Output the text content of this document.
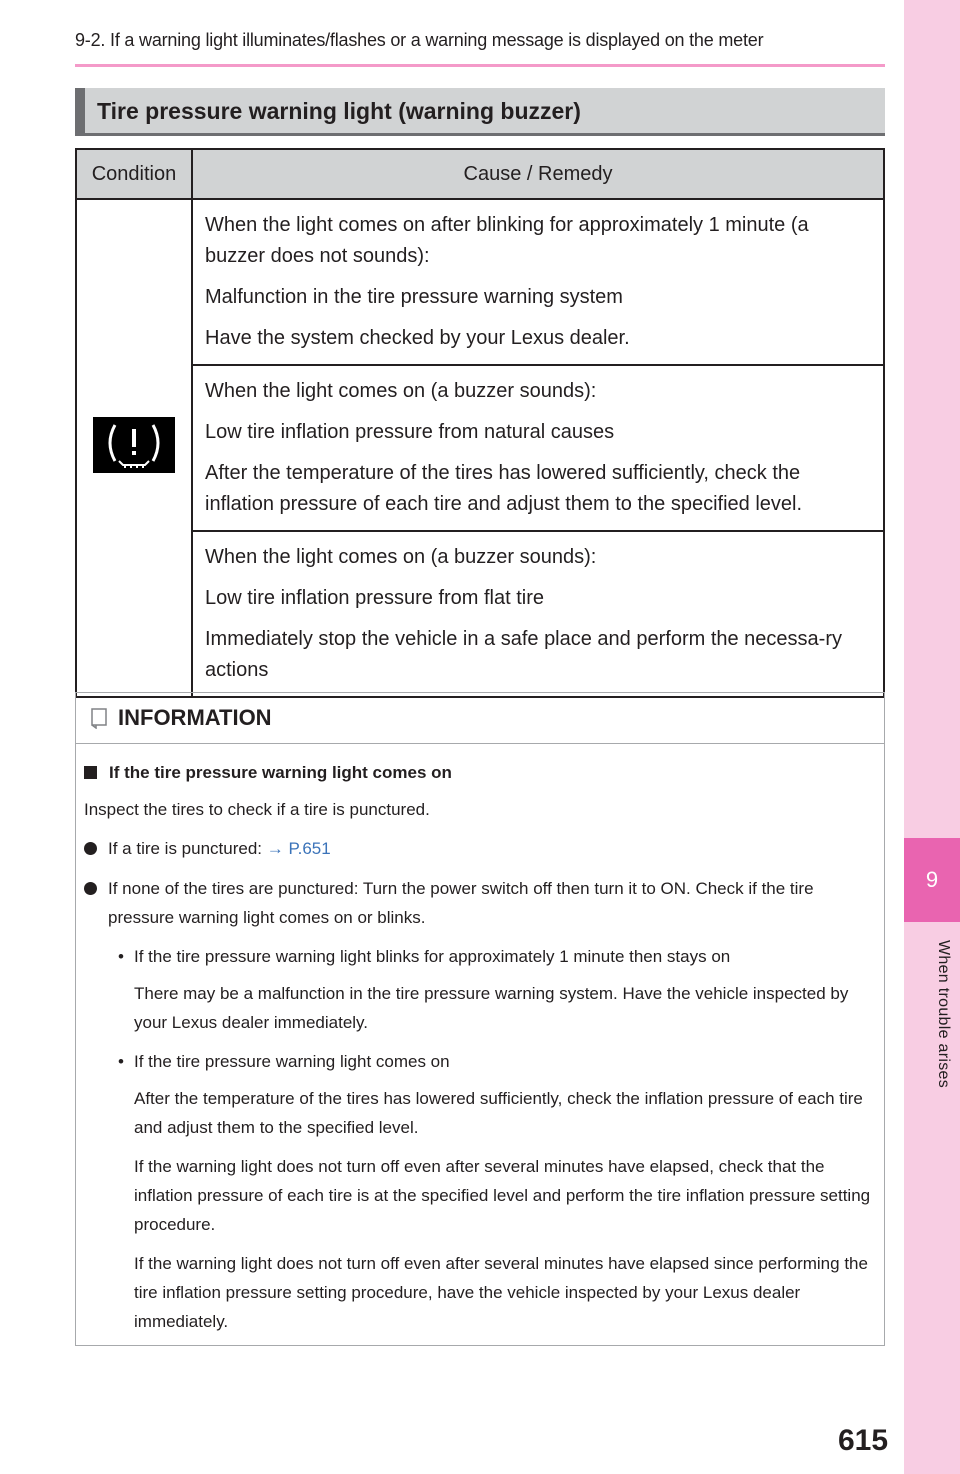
9-2. If a warning light illuminates/flashes or a warning message is displayed on the meter
9
When trouble arises
Tire pressure warning light (warning buzzer)
Condition	Cause / Remedy

When the light comes on after blinking for approximately 1 minute (a buzzer does not sounds):

Malfunction in the tire pressure warning system

Have the system checked by your Lexus dealer.

	When the light comes on (a buzzer sounds):

Low tire inflation pressure from natural causes

After the temperature of the tires has lowered sufficiently, check the inflation pressure of each tire and adjust them to the specified level.

	When the light comes on (a buzzer sounds):

Low tire inflation pressure from flat tire

Immediately stop the vehicle in a safe place and perform the necessa-ry actions

INFORMATION
If the tire pressure warning light comes on

Inspect the tires to check if a tire is punctured.

If a tire is punctured: → P.651
If none of the tires are punctured: Turn the power switch off then turn it to ON. Check if the tire pressure warning light comes on or blinks.
• If the tire pressure warning light blinks for approximately 1 minute then stays on

There may be a malfunction in the tire pressure warning system. Have the vehicle inspected by your Lexus dealer immediately.

• If the tire pressure warning light comes on

After the temperature of the tires has lowered sufficiently, check the inflation pressure of each tire and adjust them to the specified level.

If the warning light does not turn off even after several minutes have elapsed, check that the inflation pressure of each tire is at the specified level and perform the tire inflation pressure setting procedure.

If the warning light does not turn off even after several minutes have elapsed since performing the tire inflation pressure setting procedure, have the vehicle inspected by your Lexus dealer immediately.

615
